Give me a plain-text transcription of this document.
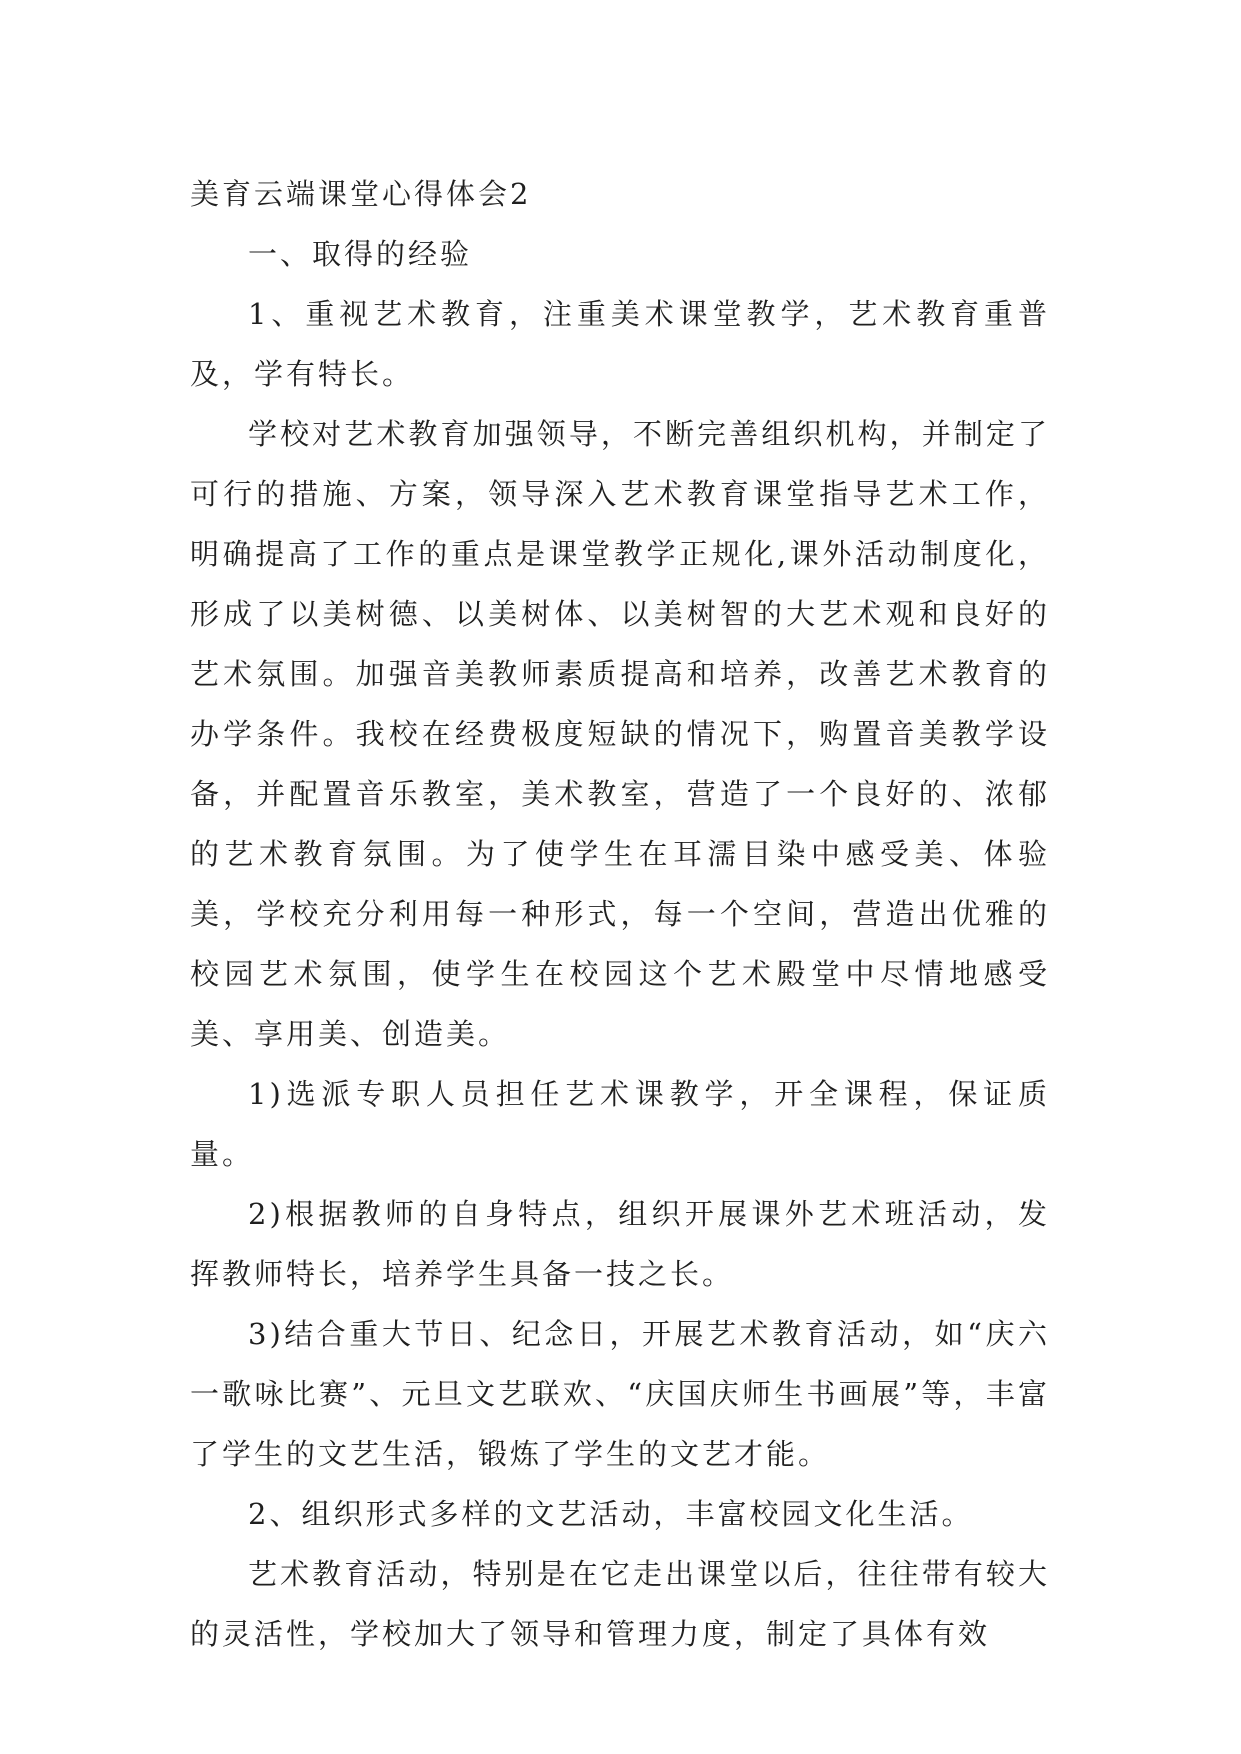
美育云端课堂心得体会2

一、取得的经验

1、重视艺术教育，注重美术课堂教学，艺术教育重普及，学有特长。

学校对艺术教育加强领导，不断完善组织机构，并制定了可行的措施、方案，领导深入艺术教育课堂指导艺术工作，明确提高了工作的重点是课堂教学正规化,课外活动制度化，形成了以美树德、以美树体、以美树智的大艺术观和良好的艺术氛围。加强音美教师素质提高和培养，改善艺术教育的办学条件。我校在经费极度短缺的情况下，购置音美教学设备，并配置音乐教室，美术教室，营造了一个良好的、浓郁的艺术教育氛围。为了使学生在耳濡目染中感受美、体验美，学校充分利用每一种形式，每一个空间，营造出优雅的校园艺术氛围，使学生在校园这个艺术殿堂中尽情地感受美、享用美、创造美。

1)选派专职人员担任艺术课教学，开全课程，保证质量。

2)根据教师的自身特点，组织开展课外艺术班活动，发挥教师特长，培养学生具备一技之长。

3)结合重大节日、纪念日，开展艺术教育活动，如“庆六一歌咏比赛”、元旦文艺联欢、“庆国庆师生书画展”等，丰富了学生的文艺生活，锻炼了学生的文艺才能。

2、组织形式多样的文艺活动，丰富校园文化生活。

艺术教育活动，特别是在它走出课堂以后，往往带有较大的灵活性，学校加大了领导和管理力度，制定了具体有效
